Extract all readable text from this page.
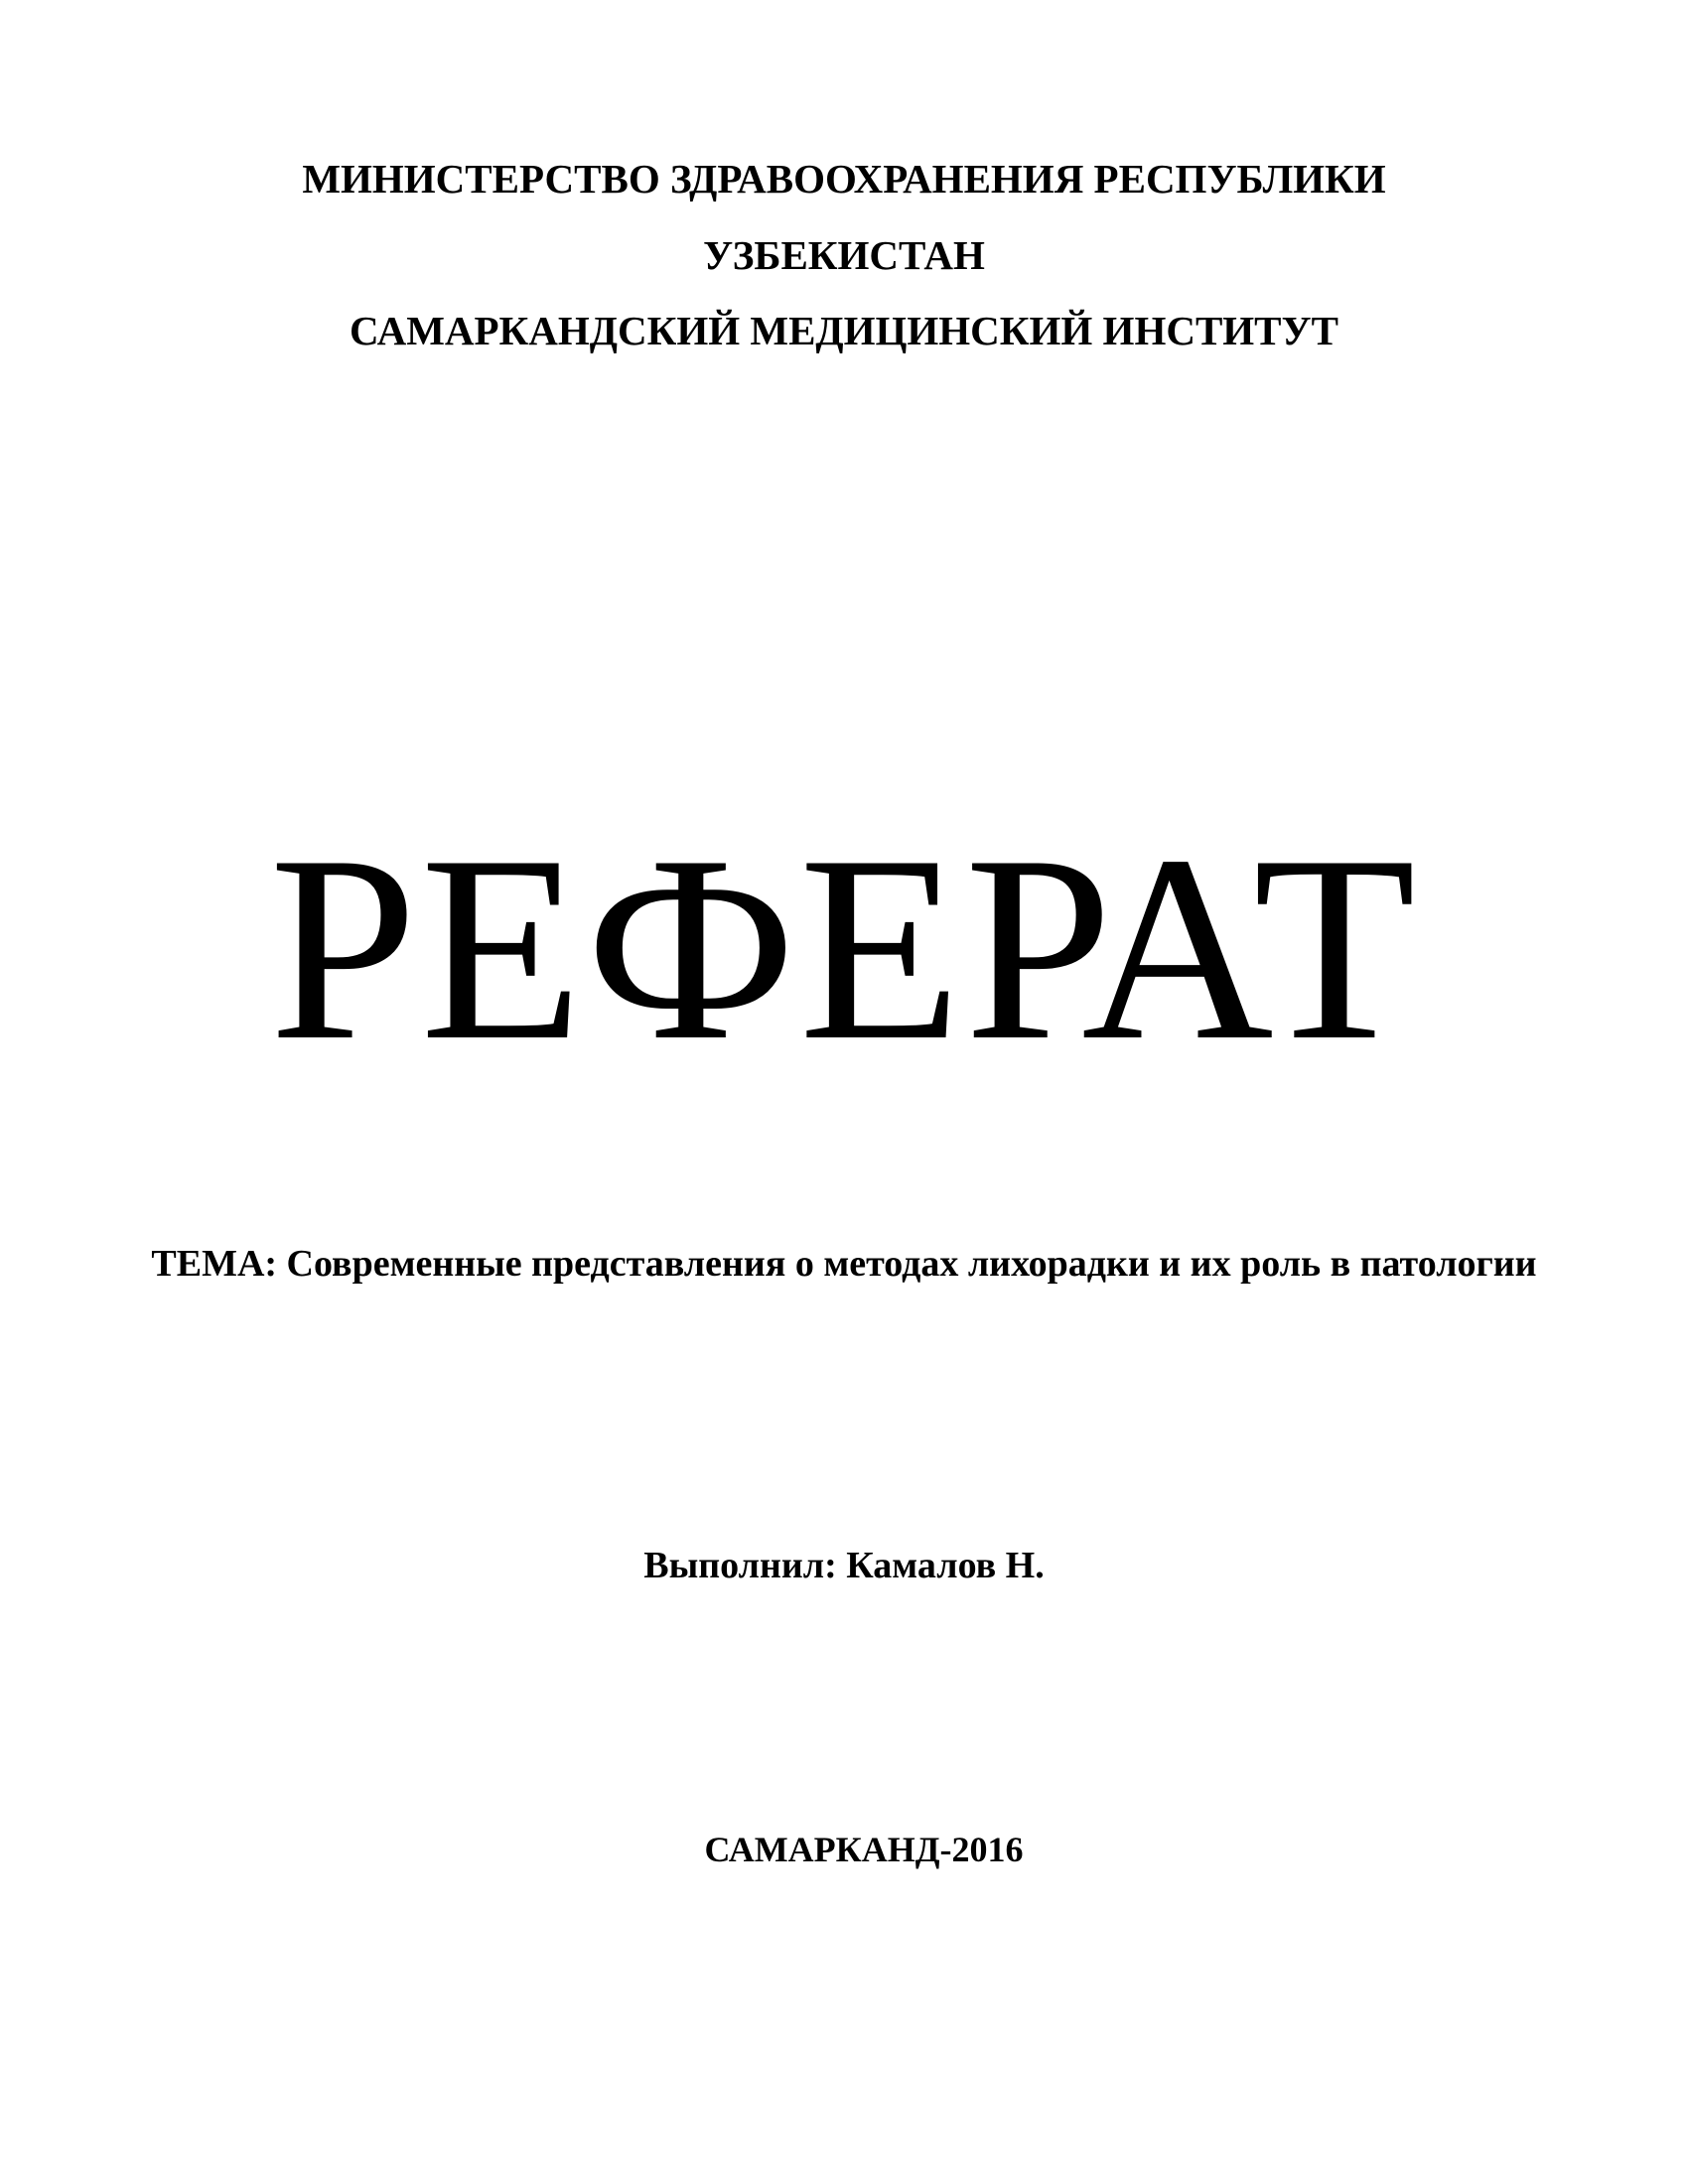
МИНИСТЕРСТВО ЗДРАВООХРАНЕНИЯ РЕСПУБЛИКИ
УЗБЕКИСТАН
САМАРКАНДСКИЙ МЕДИЦИНСКИЙ ИНСТИТУТ
РЕФЕРАТ
ТЕМА: Современные представления о методах лихорадки и их роль в патологии
Выполнил: Камалов Н.
САМАРКАНД-2016
